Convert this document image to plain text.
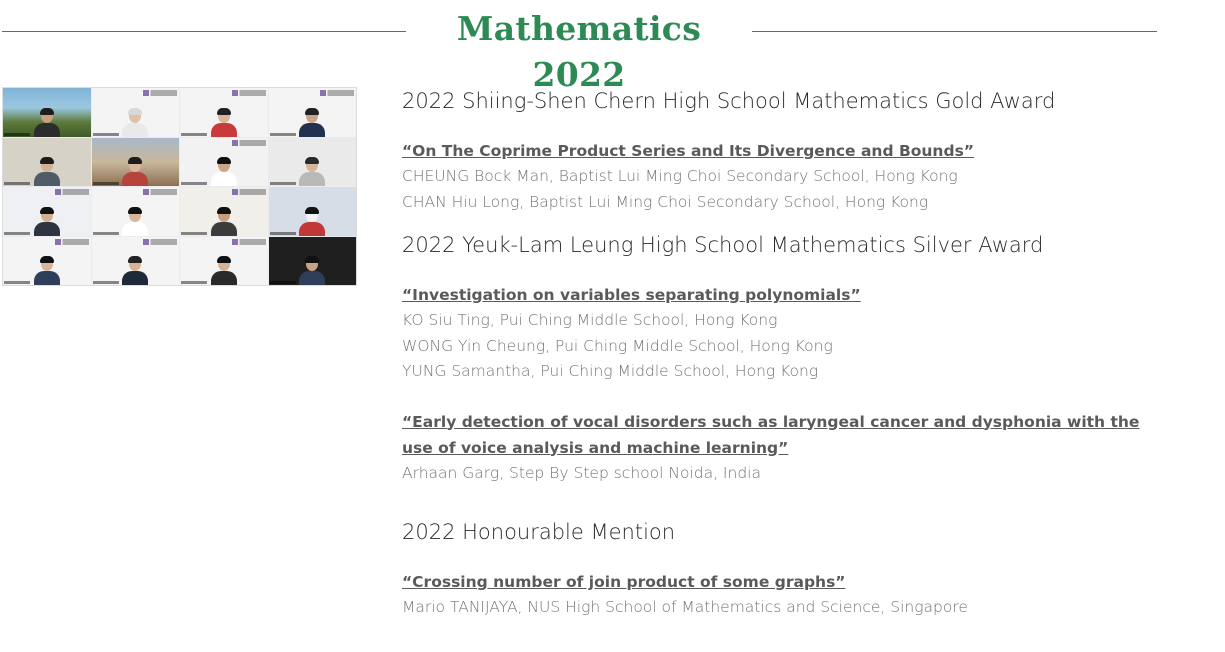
Mathematics 2022
2022 Shiing-Shen Chern High School Mathematics Gold Award
“On The Coprime Product Series and Its Divergence and Bounds”
CHEUNG Bock Man, Baptist Lui Ming Choi Secondary School, Hong Kong
CHAN Hiu Long, Baptist Lui Ming Choi Secondary School, Hong Kong
2022 Yeuk-Lam Leung High School Mathematics Silver Award
“Investigation on variables separating polynomials”
KO Siu Ting, Pui Ching Middle School, Hong Kong
WONG Yin Cheung, Pui Ching Middle School, Hong Kong
YUNG Samantha, Pui Ching Middle School, Hong Kong
“Early detection of vocal disorders such as laryngeal cancer and dysphonia with the use of voice analysis and machine learning”
Arhaan Garg, Step By Step school Noida, India
2022 Honourable Mention
“Crossing number of join product of some graphs”
Mario TANIJAYA, NUS High School of Mathematics and Science, Singapore
